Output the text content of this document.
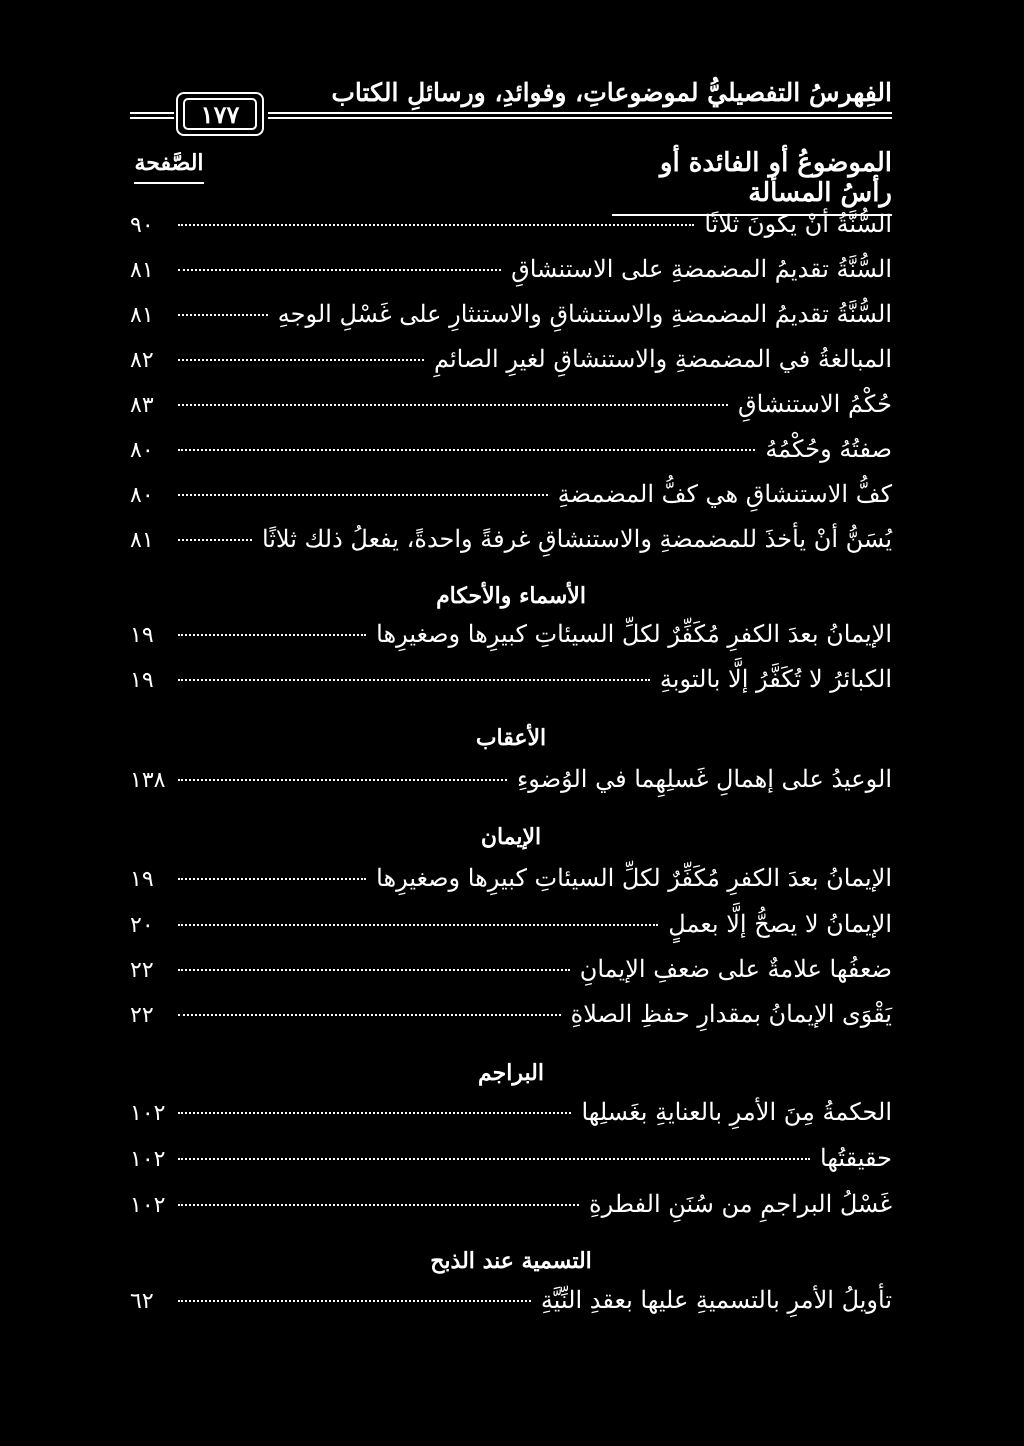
الفِهرسُ التفصيليُّ لموضوعاتِ، وفوائدِ، ورسائلِ الكتاب
١٧٧
الموضوعُ أو الفائدة أو رأسُ المسألة
الصَّفحة
السُّنَّةُ أنْ يكونَ ثلاثًا
٩٠
السُّنَّةُ تقديمُ المضمضةِ على الاستنشاقِ
٨١
السُّنَّةُ تقديمُ المضمضةِ والاستنشاقِ والاستنثارِ على غَسْلِ الوجهِ
٨١
المبالغةُ في المضمضةِ والاستنشاقِ لغيرِ الصائمِ
٨٢
حُكْمُ الاستنشاقِ
٨٣
صفتُهُ وحُكْمُهُ
٨٠
كفُّ الاستنشاقِ هي كفُّ المضمضةِ
٨٠
يُسَنُّ أنْ يأخذَ للمضمضةِ والاستنشاقِ غرفةً واحدةً، يفعلُ ذلك ثلاثًا
٨١
الأسماء والأحكام
الإيمانُ بعدَ الكفرِ مُكَفِّرٌ لكلِّ السيئاتِ كبيرِها وصغيرِها
١٩
الكبائرُ لا تُكَفَّرُ إلَّا بالتوبةِ
١٩
الأعقاب
الوعيدُ على إهمالِ غَسلِهِما في الوُضوءِ
١٣٨
الإيمان
الإيمانُ بعدَ الكفرِ مُكَفِّرٌ لكلِّ السيئاتِ كبيرِها وصغيرِها
١٩
الإيمانُ لا يصحُّ إلَّا بعملٍ
٢٠
ضعفُها علامةٌ على ضعفِ الإيمانِ
٢٢
يَقْوَى الإيمانُ بمقدارِ حفظِ الصلاةِ
٢٢
البراجم
الحكمةُ مِنَ الأمرِ بالعنايةِ بغَسلِها
١٠٢
حقيقتُها
١٠٢
غَسْلُ البراجمِ من سُنَنِ الفطرةِ
١٠٢
التسمية عند الذبح
تأويلُ الأمرِ بالتسميةِ عليها بعقدِ النِّيَّةِ
٦٢
